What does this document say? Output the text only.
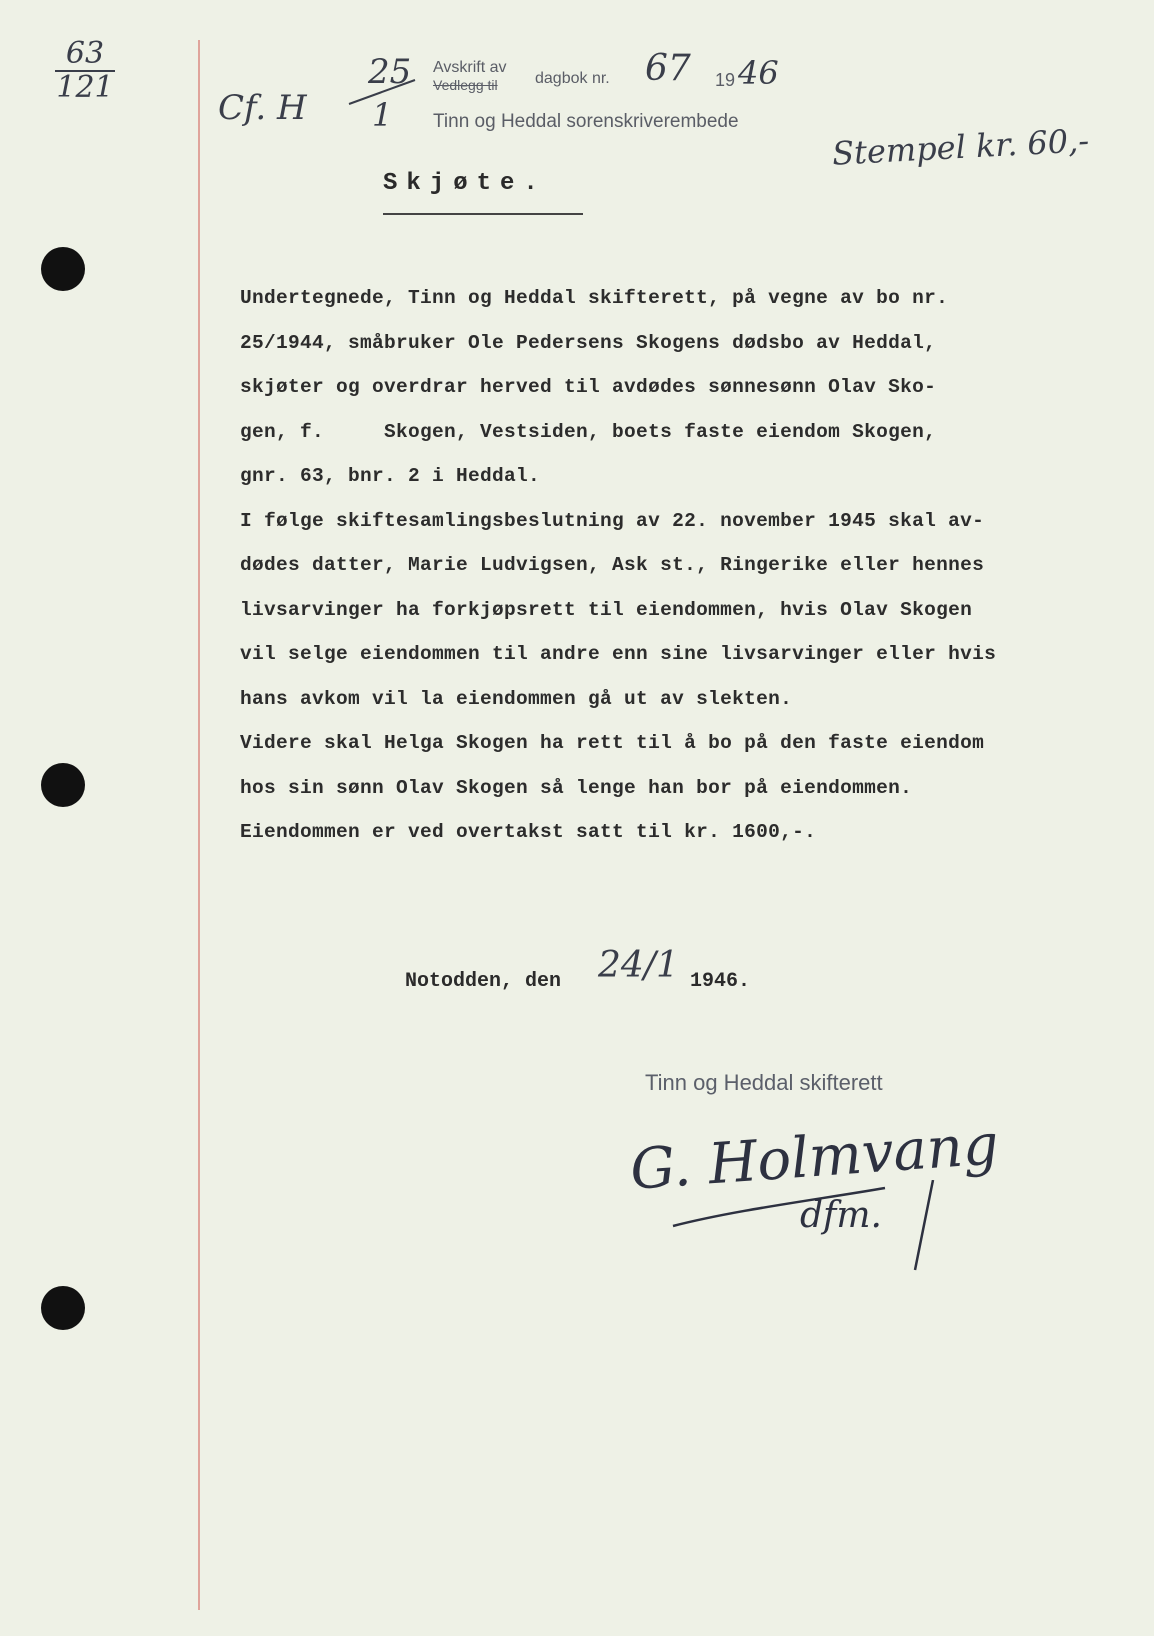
63
121
Cf. H
25
1
Avskrift av
Vedlegg til dagbok nr. 67 19 46
Tinn og Heddal sorenskriverembede	Stempel kr. 60,-
Skjøte.
Undertegnede, Tinn og Heddal skifterett, på vegne av bo nr.
25/1944, småbruker Ole Pedersens Skogens dødsbo av Heddal,
skjøter og overdrar herved til avdødes sønnesønn Olav Sko-
gen, f.     Skogen, Vestsiden, boets faste eiendom Skogen,
gnr. 63, bnr. 2 i Heddal.
I følge skiftesamlingsbeslutning av 22. november 1945 skal av-
dødes datter, Marie Ludvigsen, Ask st., Ringerike eller hennes
livsarvinger ha forkjøpsrett til eiendommen, hvis Olav Skogen
vil selge eiendommen til andre enn sine livsarvinger eller hvis
hans avkom vil la eiendommen gå ut av slekten.
Videre skal Helga Skogen ha rett til å bo på den faste eiendom
hos sin sønn Olav Skogen så lenge han bor på eiendommen.
Eiendommen er ved overtakst satt til kr. 1600,-.
Notodden, den 24/1 1946.
Tinn og Heddal skifterett
G. Holmvang
dfm.
